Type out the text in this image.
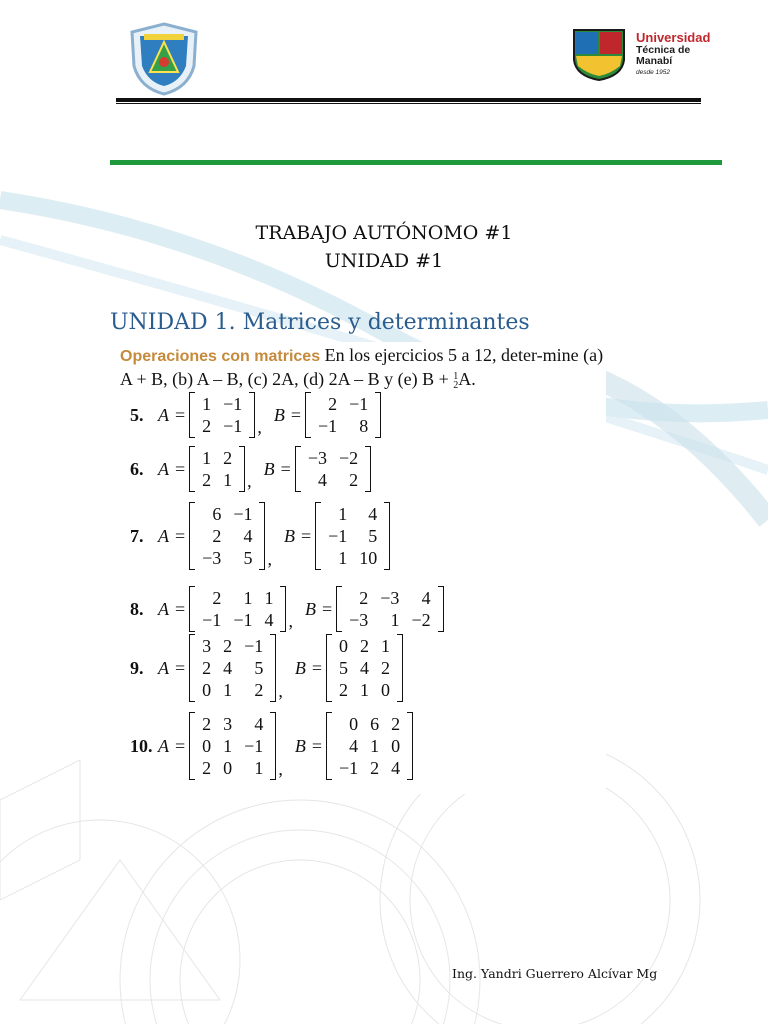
Universidad
Técnica de
Manabí
desde 1952
TRABAJO AUTÓNOMO #1
UNIDAD #1
UNIDAD 1. Matrices y determinantes
Operaciones con matrices En los ejercicios 5 a 12, deter-mine (a) A + B, (b) A – B, (c) 2A, (d) 2A – B y (e) B + 1
2A.
5. A =
1	−1
2	−1 ,
B =
2	−1
−1	8
6. A =
1	2
2	1 ,
B =
−3	−2
4	2
7. A =
6	−1
2	4
−3	5 ,
B =
1	4
−1	5
1	10
8. A =
2	1	1
−1	−1	4 ,
B =
2	−3	4
−3	1	−2
9. A =
3	2	−1
2	4	5
0	1	2 ,
B =
0	2	1
5	4	2
2	1	0
10. A =
2	3	4
0	1	−1
2	0	1 ,
B =
0	6	2
4	1	0
−1	2	4
Ing. Yandri Guerrero Alcívar Mg
